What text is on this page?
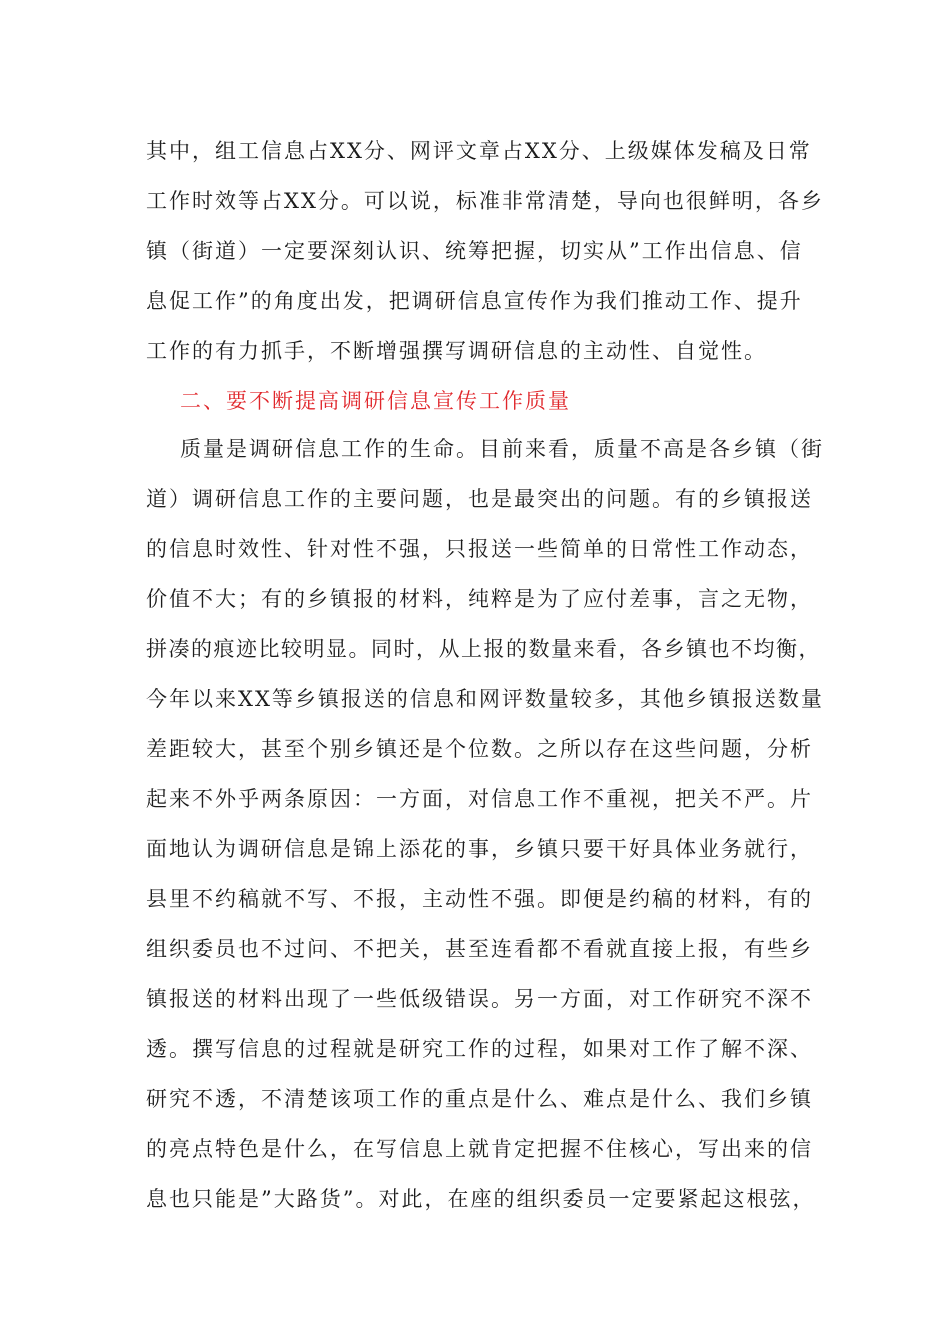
其中，组工信息占XX分、网评文章占XX分、上级媒体发稿及日常
工作时效等占XX分。可以说，标准非常清楚，导向也很鲜明，各乡
镇（街道）一定要深刻认识、统筹把握，切实从”工作出信息、信
息促工作”的角度出发，把调研信息宣传作为我们推动工作、提升
工作的有力抓手，不断增强撰写调研信息的主动性、自觉性。
二、要不断提高调研信息宣传工作质量
质量是调研信息工作的生命。目前来看，质量不高是各乡镇（街
道）调研信息工作的主要问题，也是最突出的问题。有的乡镇报送
的信息时效性、针对性不强，只报送一些简单的日常性工作动态，
价值不大；有的乡镇报的材料，纯粹是为了应付差事，言之无物，
拼凑的痕迹比较明显。同时，从上报的数量来看，各乡镇也不均衡，
今年以来XX等乡镇报送的信息和网评数量较多，其他乡镇报送数量
差距较大，甚至个别乡镇还是个位数。之所以存在这些问题，分析
起来不外乎两条原因：一方面，对信息工作不重视，把关不严。片
面地认为调研信息是锦上添花的事，乡镇只要干好具体业务就行，
县里不约稿就不写、不报，主动性不强。即便是约稿的材料，有的
组织委员也不过问、不把关，甚至连看都不看就直接上报，有些乡
镇报送的材料出现了一些低级错误。另一方面，对工作研究不深不
透。撰写信息的过程就是研究工作的过程，如果对工作了解不深、
研究不透，不清楚该项工作的重点是什么、难点是什么、我们乡镇
的亮点特色是什么，在写信息上就肯定把握不住核心，写出来的信
息也只能是”大路货”。对此，在座的组织委员一定要紧起这根弦，
